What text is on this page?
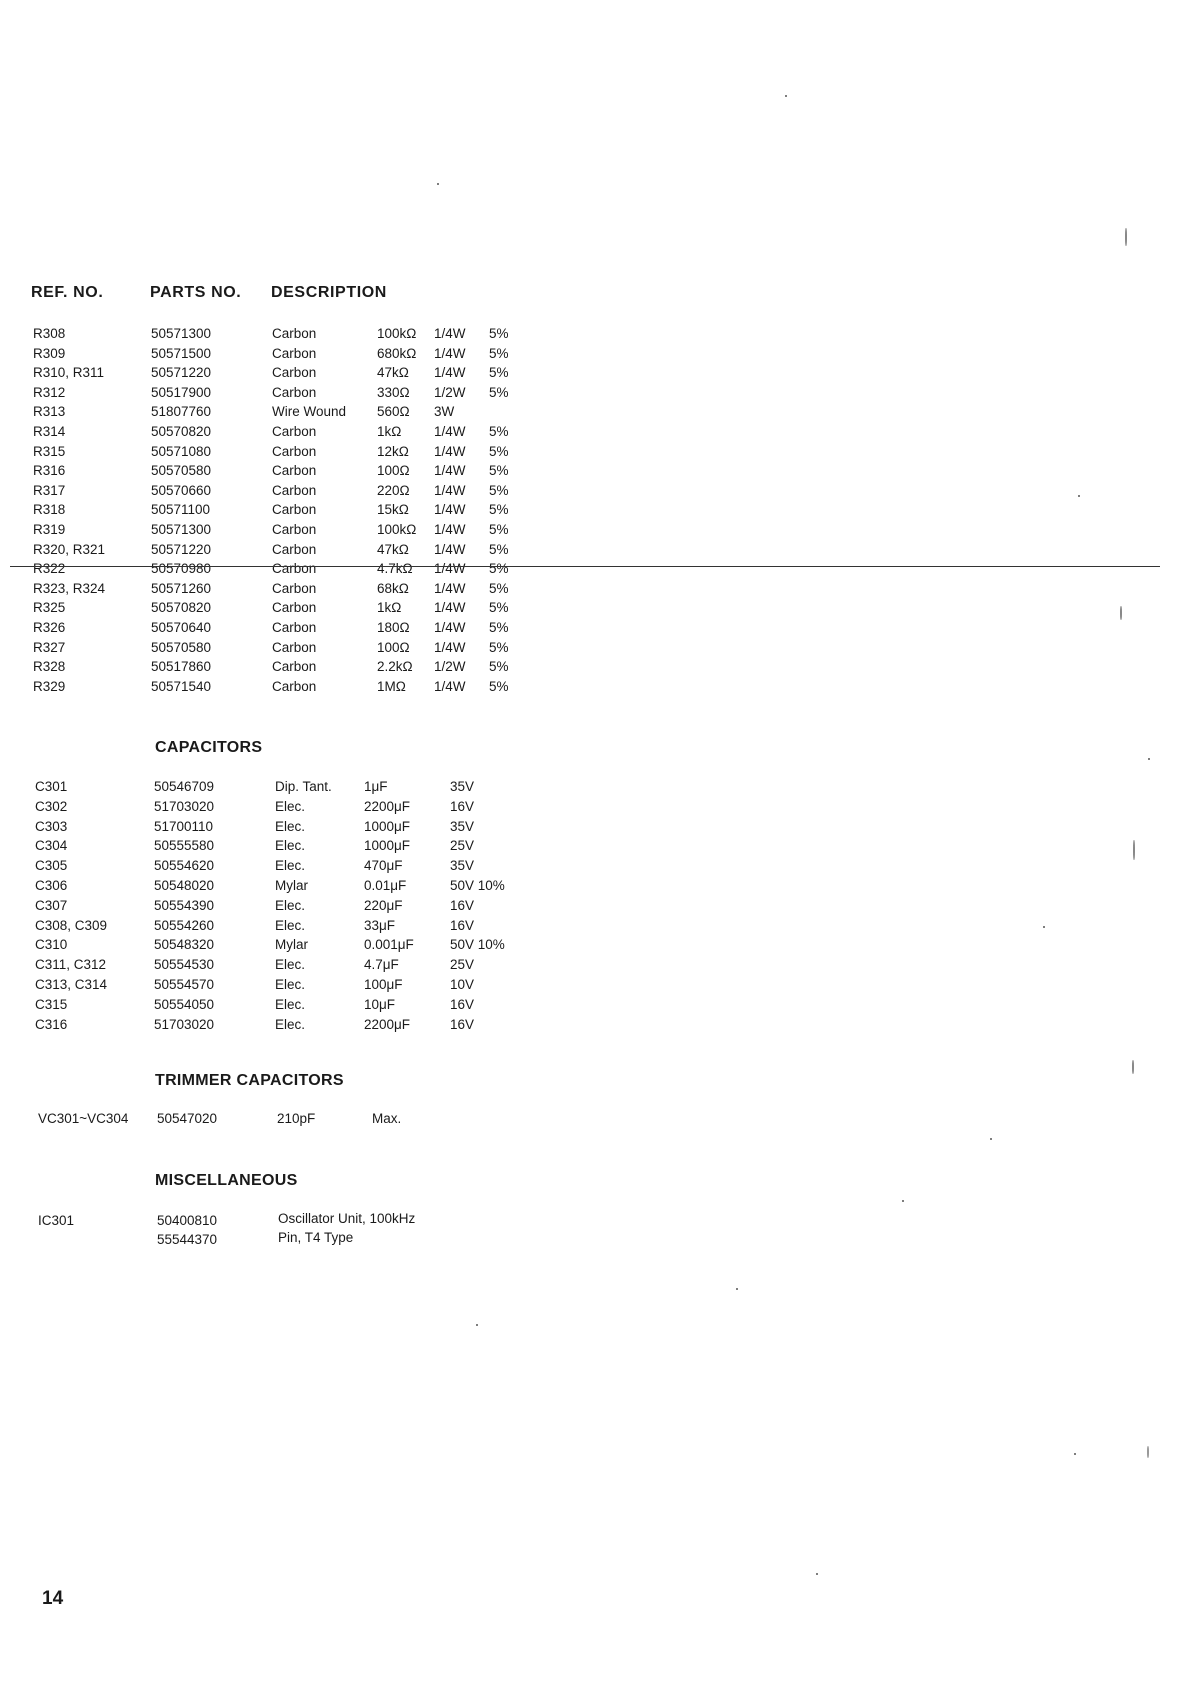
REF. NO.	PARTS NO. DESCRIPTION
R308	50571300	Carbon	100kΩ 1/4W 5%
R309	50571500	Carbon	680kΩ 1/4W 5%
R310, R311	50571220	Carbon	47kΩ 1/4W 5%
R312	50517900	Carbon	330Ω 1/2W 5%
R313	51807760	Wire Wound 560Ω 3W
R314	50570820	Carbon	1kΩ 1/4W 5%
R315	50571080	Carbon	12kΩ 1/4W 5%
R316	50570580	Carbon	100Ω 1/4W 5%
R317	50570660	Carbon	220Ω 1/4W 5%
R318	50571100	Carbon	15kΩ 1/4W 5%
R319	50571300	Carbon	100kΩ 1/4W 5%
R320, R321	50571220	Carbon	47kΩ 1/4W 5%
R322	50570980	Carbon	4.7kΩ 1/4W 5%
R323, R324	50571260	Carbon	68kΩ 1/4W 5%
R325	50570820	Carbon	1kΩ 1/4W 5%
R326	50570640	Carbon	180Ω 1/4W 5%
R327	50570580	Carbon	100Ω 1/4W 5%
R328	50517860	Carbon	2.2kΩ 1/2W 5%
R329	50571540	Carbon	1MΩ 1/4W 5%
CAPACITORS
C301	50546709	Dip. Tant. 1μF	35V
C302	51703020	Elec.	2200μF	16V
C303	51700110	Elec.	1000μF	35V
C304	50555580	Elec.	1000μF	25V
C305	50554620	Elec.	470μF	35V
C306	50548020	Mylar	0.01μF	50V 10%
C307	50554390	Elec.	220μF	16V
C308, C309	50554260	Elec.	33μF	16V
C310	50548320	Mylar	0.001μF	50V 10%
C311, C312	50554530	Elec.	4.7μF	25V
C313, C314	50554570	Elec.	100μF	10V
C315	50554050	Elec.	10μF	16V
C316	51703020	Elec.	2200μF	16V
TRIMMER CAPACITORS
VC301~VC304 50547020	210pF	Max.
MISCELLANEOUS
IC301	50400810	Oscillator Unit, 100kHz
55544370	Pin, T4 Type
14
